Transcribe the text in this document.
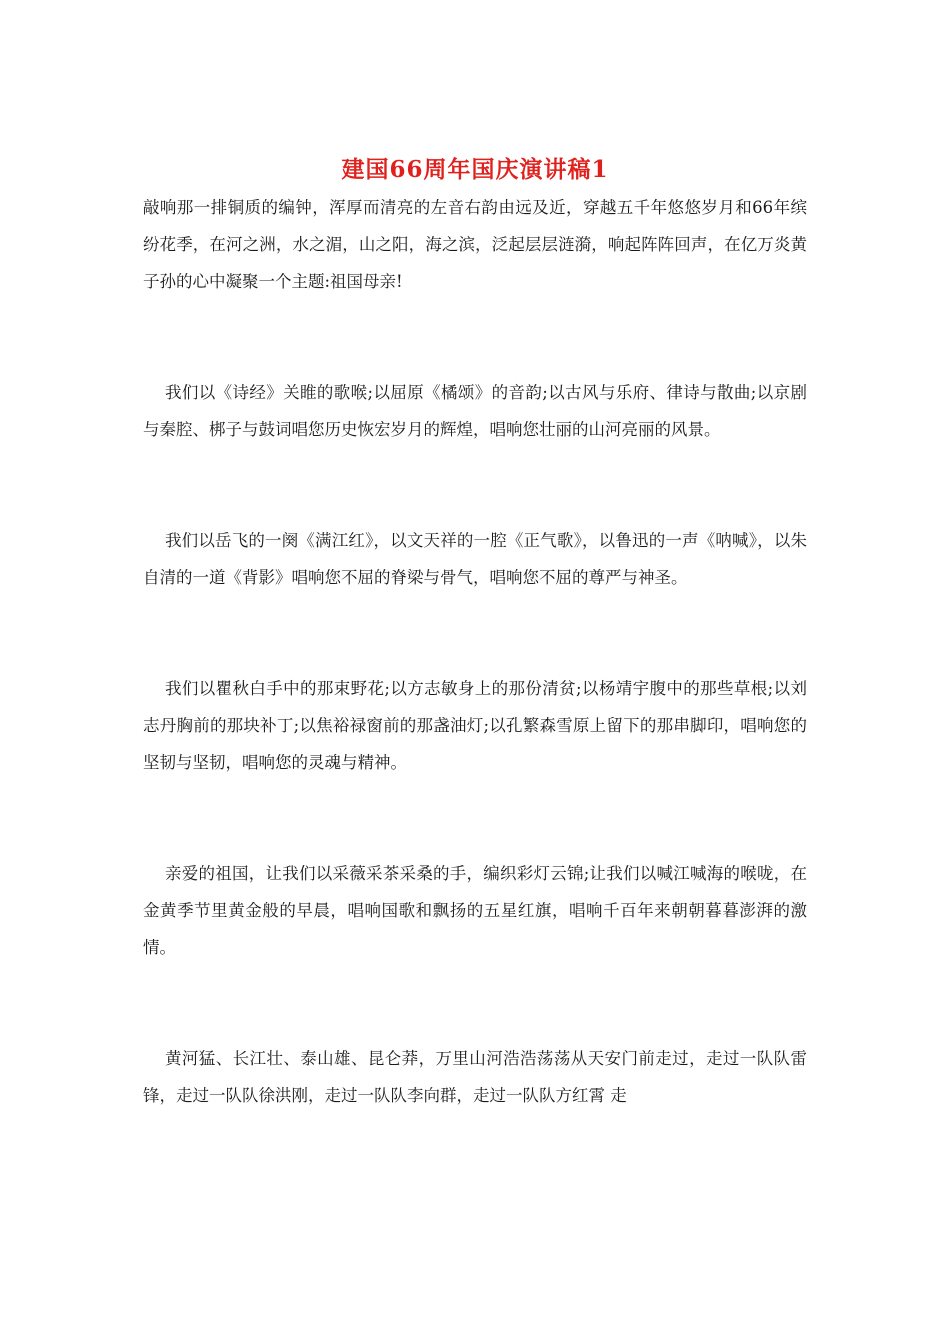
建国66周年国庆演讲稿1

敲响那一排铜质的编钟，浑厚而清亮的左音右韵由远及近，穿越五千年悠悠岁月和66年缤纷花季，在河之洲，水之湄，山之阳，海之滨，泛起层层涟漪，响起阵阵回声，在亿万炎黄子孙的心中凝聚一个主题:祖国母亲!

我们以《诗经》关睢的歌喉;以屈原《橘颂》的音韵;以古风与乐府、律诗与散曲;以京剧与秦腔、梆子与鼓词唱您历史恢宏岁月的辉煌，唱响您壮丽的山河亮丽的风景。

我们以岳飞的一阕《满江红》，以文天祥的一腔《正气歌》，以鲁迅的一声《呐喊》，以朱自清的一道《背影》唱响您不屈的脊梁与骨气，唱响您不屈的尊严与神圣。

我们以瞿秋白手中的那束野花;以方志敏身上的那份清贫;以杨靖宇腹中的那些草根;以刘志丹胸前的那块补丁;以焦裕禄窗前的那盏油灯;以孔繁森雪原上留下的那串脚印，唱响您的坚韧与坚韧，唱响您的灵魂与精神。

亲爱的祖国，让我们以采薇采茶采桑的手，编织彩灯云锦;让我们以喊江喊海的喉咙，在金黄季节里黄金般的早晨，唱响国歌和飘扬的五星红旗，唱响千百年来朝朝暮暮澎湃的激情。

黄河猛、长江壮、泰山雄、昆仑莽，万里山河浩浩荡荡从天安门前走过，走过一队队雷锋，走过一队队徐洪刚，走过一队队李向群，走过一队队方红霄 走
